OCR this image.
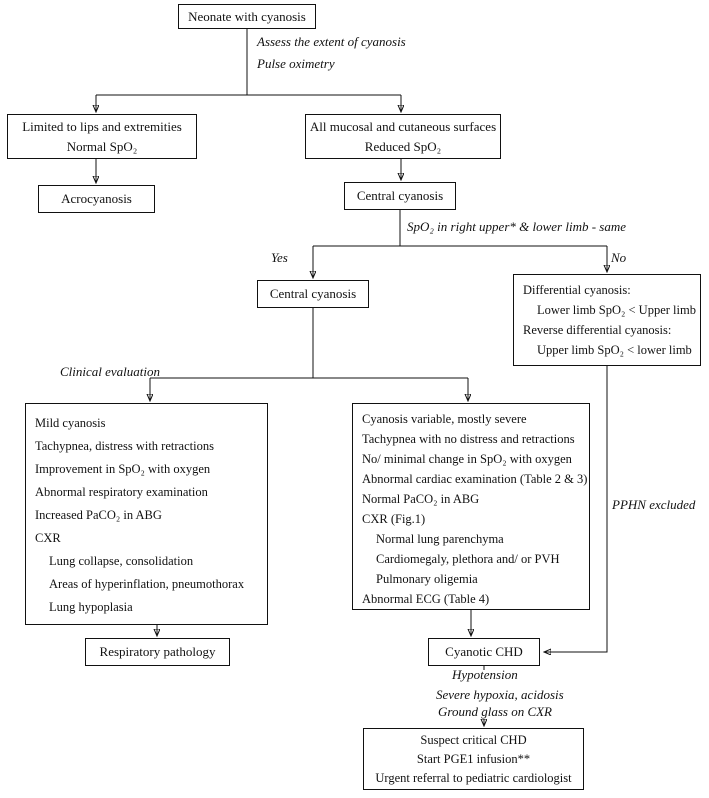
Neonate with cyanosis
Limited to lips and extremities
Normal SpO₂
All mucosal and cutaneous surfaces
Reduced SpO₂
Acrocyanosis	Central cyanosis
Central cyanosis	Differential cyanosis:
Lower limb SpO₂ < Upper limb
Reverse differential cyanosis:
Upper limb SpO₂ < lower limb
Mild cyanosis
Tachypnea, distress with retractions
Improvement in SpO₂ with oxygen
Abnormal respiratory examination
Increased PaCO₂ in ABG
CXR
Lung collapse, consolidation
Areas of hyperinflation, pneumothorax
Lung hypoplasia
Cyanosis variable, mostly severe
Tachypnea with no distress and retractions
No/ minimal change in SpO₂ with oxygen
Abnormal cardiac examination (Table 2 & 3)
Normal PaCO₂ in ABG
CXR (Fig.1)
Normal lung parenchyma
Cardiomegaly, plethora and/ or PVH
Pulmonary oligemia
Abnormal ECG (Table 4)
Respiratory pathology	Cyanotic CHD
Suspect critical CHD
Start PGE1 infusion**
Urgent referral to pediatric cardiologist
Assess the extent of cyanosis
Pulse oximetry
SpO₂ in right upper* & lower limb - same
Yes	No
Clinical evaluation
PPHN excluded
Hypotension
Severe hypoxia, acidosis
Ground glass on CXR
